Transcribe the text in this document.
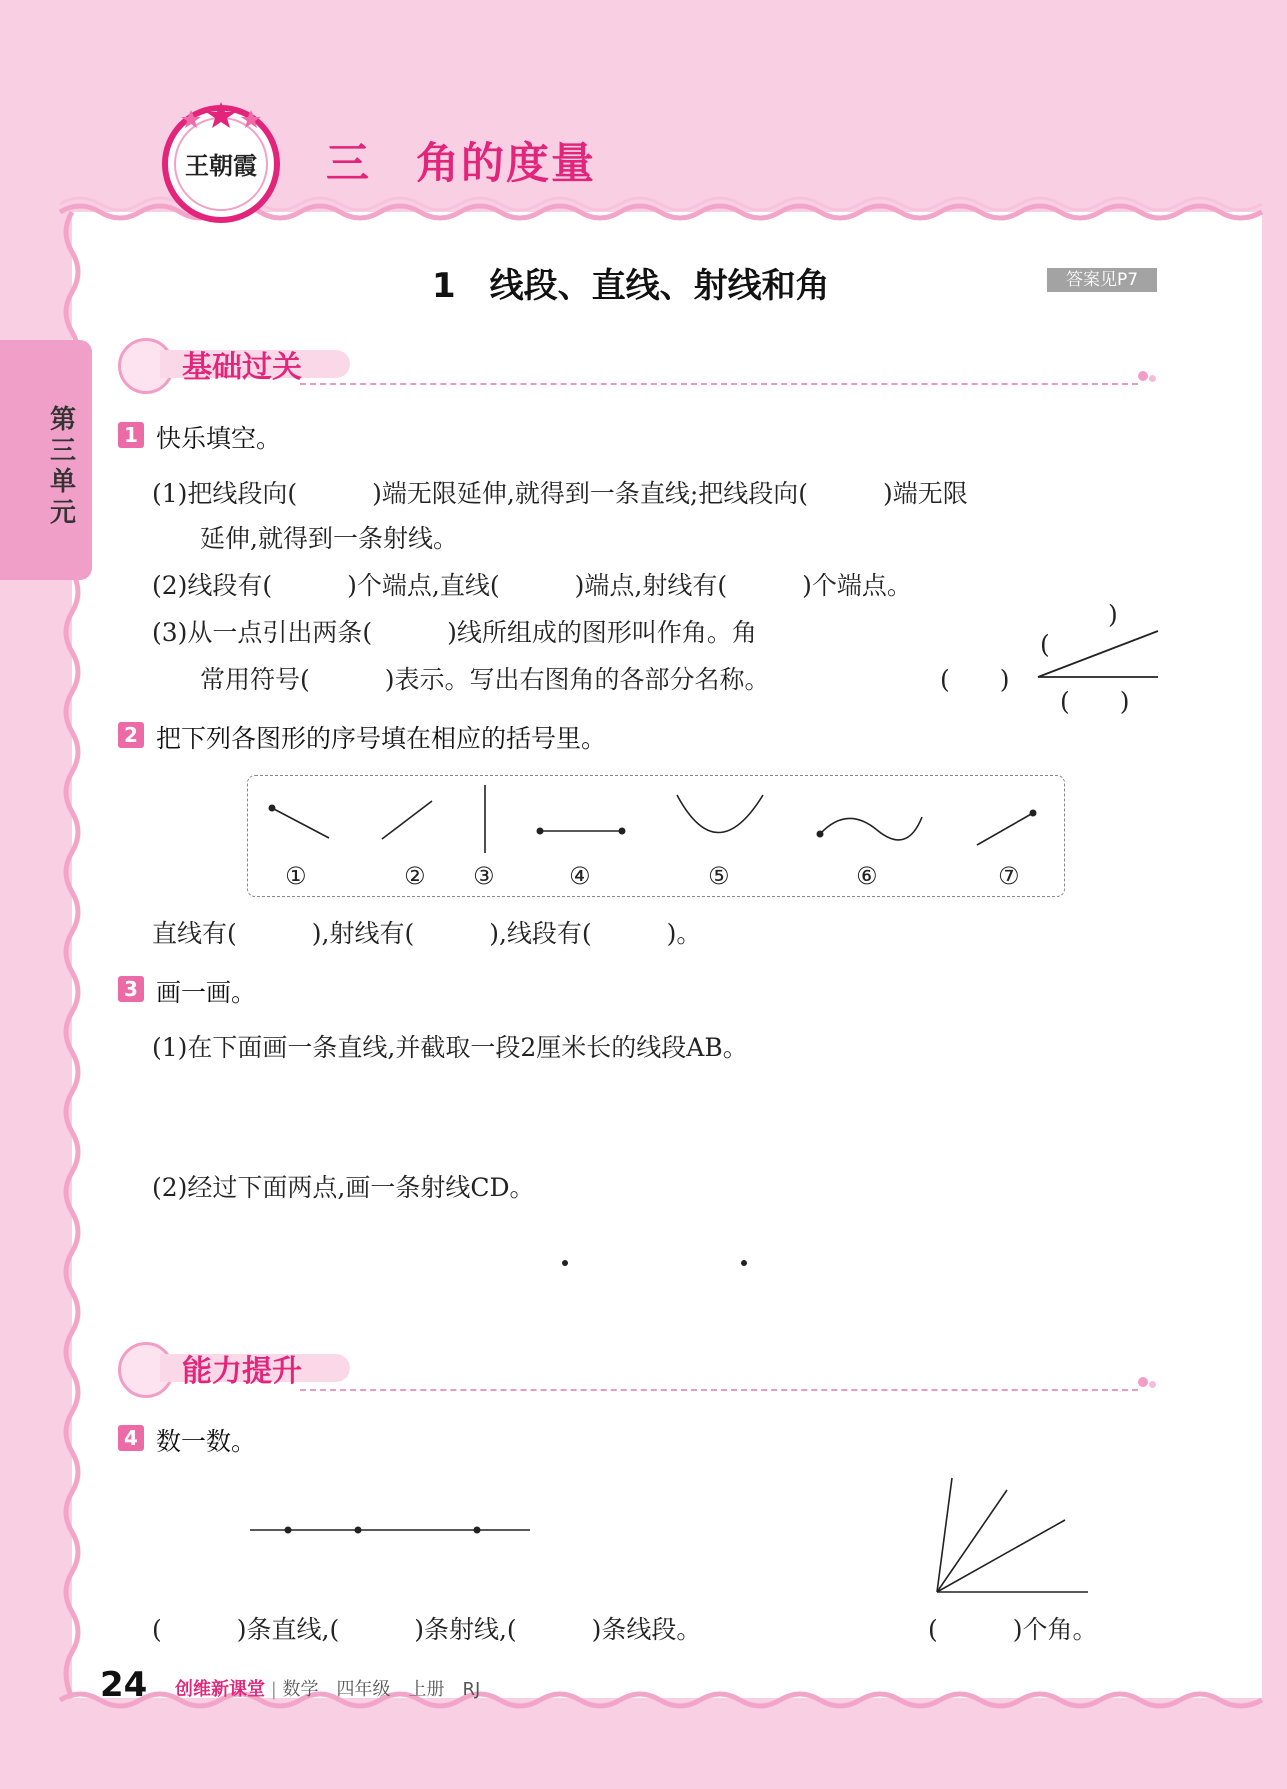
王朝霞 三　角的度量
第三单元
1　线段、直线、射线和角	答案见P7
基础过关
1 快乐填空。
(1)把线段向(　　　)端无限延伸,就得到一条直线;把线段向(　　　)端无限
延伸,就得到一条射线。
(2)线段有(　　　)个端点,直线(　　　)端点,射线有(　　　)个端点。
(3)从一点引出两条(　　　)线所组成的图形叫作角。角
常用符号(　　　)表示。写出右图角的各部分名称。	(　　)
(
)
(　　)
2 把下列各图形的序号填在相应的括号里。
①	② ③	④	⑤	⑥	⑦
直线有(　　　),射线有(　　　),线段有(　　　)。
3 画一画。
(1)在下面画一条直线,并截取一段2厘米长的线段AB。
(2)经过下面两点,画一条射线CD。
能力提升
4 数一数。
(　　　)条直线,(　　　)条射线,(　　　)条线段。	(　　　)个角。
24 创维新课堂 | 数学　四年级　上册　RJ
